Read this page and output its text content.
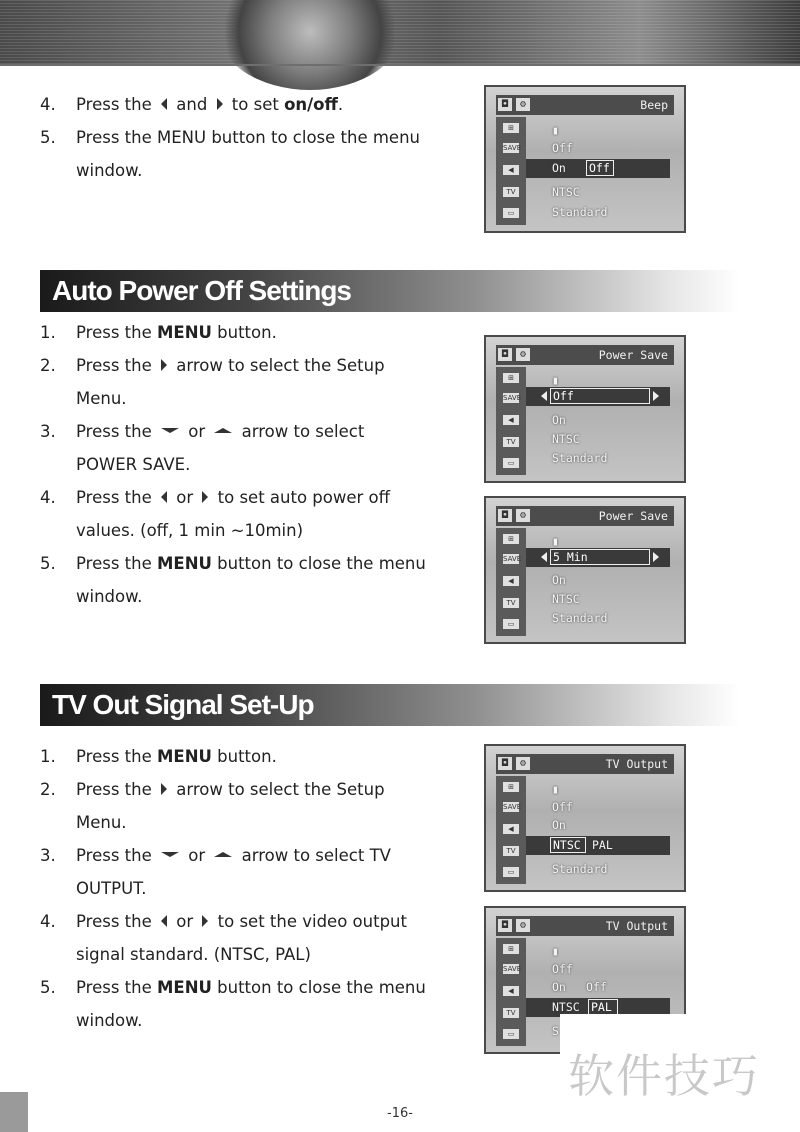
4. Press the and to set on/off.
5. Press the MENU button to close the menu
window.
◘	⚙	Beep
⊞
SAVE
◀
TV
▭
▮
Off
On Off
NTSC
Standard
Auto Power Off Settings
1. Press the MENU button.
2. Press the arrow to select the Setup
Menu.
3. Press the or arrow to select
POWER SAVE.
4. Press the or to set auto power off
values. (off, 1 min ~10min)
5. Press the MENU button to close the menu
window.
◘	⚙	Power Save
⊞
SAVE
◀
TV
▭
Off
▮
On
NTSC
Standard
◘	⚙	Power Save
⊞
SAVE
◀
TV
▭
5 Min
▮
On
NTSC
Standard
TV Out Signal Set-Up
1. Press the MENU button.
2. Press the arrow to select the Setup
Menu.
3. Press the or arrow to select TV
OUTPUT.
4. Press the or to set the video output
signal standard. (NTSC, PAL)
5. Press the MENU button to close the menu
window.
◘	⚙	TV Output
⊞
SAVE
◀
TV
▭
▮
Off
On
NTSC PAL
Standard
◘	⚙	TV Output
⊞
SAVE
◀
TV
▭
▮
Off
On Off
NTSC PAL
S
软件技巧
-16-
